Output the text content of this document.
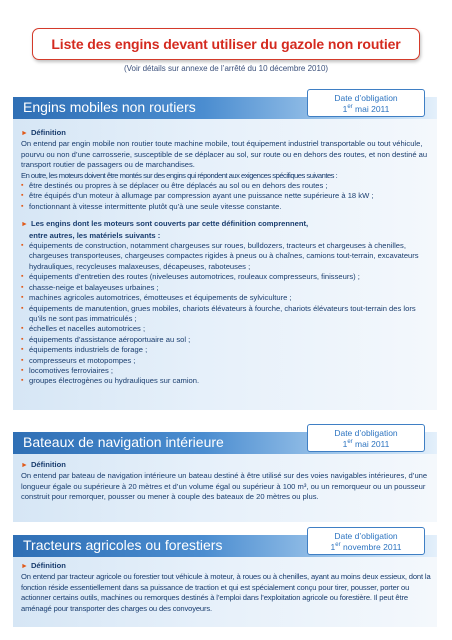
Liste des engins devant utiliser du gazole non routier
(Voir détails sur annexe de l’arrêté du 10 décembre 2010)
Engins mobiles non routiers
Date d’obligation
1er mai 2011
► Définition

On entend par engin mobile non routier toute machine mobile, tout équipement industriel transportable ou tout véhicule, pourvu ou non d’une carrosserie, susceptible de se déplacer au sol, sur route ou en dehors des routes, et non destiné au transport routier de passagers ou de marchandises.

En outre, les moteurs doivent être montés sur des engins qui répondent aux exigences spécifiques suivantes :

▪ être destinés ou propres à se déplacer ou être déplacés au sol ou en dehors des routes ;
▪ être équipés d’un moteur à allumage par compression ayant une puissance nette supérieure à 18 kW ;
▪ fonctionnant à vitesse intermittente plutôt qu’à une seule vitesse constante.
► Les engins dont les moteurs sont couverts par cette définition comprennent,
entre autres, les matériels suivants :
▪ équipements de construction, notamment chargeuses sur roues, bulldozers, tracteurs et chargeuses à chenilles, chargeuses transporteuses, chargeuses compactes rigides à pneus ou à chaînes, camions tout-terrain, excavateurs hydrauliques, recycleuses malaxeuses, décapeuses, raboteuses ;
▪ équipements d’entretien des routes (niveleuses automotrices, rouleaux compresseurs, finisseurs) ;
▪ chasse-neige et balayeuses urbaines ;
▪ machines agricoles automotrices, émotteuses et équipements de sylviculture ;
▪ équipements de manutention, grues mobiles, chariots élévateurs à fourche, chariots élévateurs tout-terrain des lors qu’ils ne sont pas immatriculés ;
▪ échelles et nacelles automotrices ;
▪ équipements d’assistance aéroportuaire au sol ;
▪ équipements industriels de forage ;
▪ compresseurs et motopompes ;
▪ locomotives ferroviaires ;
▪ groupes électrogènes ou hydrauliques sur camion.
Bateaux de navigation intérieure
Date d’obligation
1er mai 2011
► Définition

On entend par bateau de navigation intérieure un bateau destiné à être utilisé sur des voies navigables intérieures, d’une longueur égale ou supérieure à 20 mètres et d’un volume égal ou supérieur à 100 m³, ou un remorqueur ou un pousseur construit pour remorquer, pousser ou mener à couple des bateaux de 20 mètres ou plus.

Tracteurs agricoles ou forestiers
Date d’obligation
1er novembre 2011
► Définition

On entend par tracteur agricole ou forestier tout véhicule à moteur, à roues ou à chenilles, ayant au moins deux essieux, dont la fonction réside essentiellement dans sa puissance de traction et qui est spécialement conçu pour tirer, pousser, porter ou actionner certains outils, machines ou remorques destinés à l’emploi dans l’exploitation agricole ou forestière. Il peut être aménagé pour transporter des charges ou des convoyeurs.
